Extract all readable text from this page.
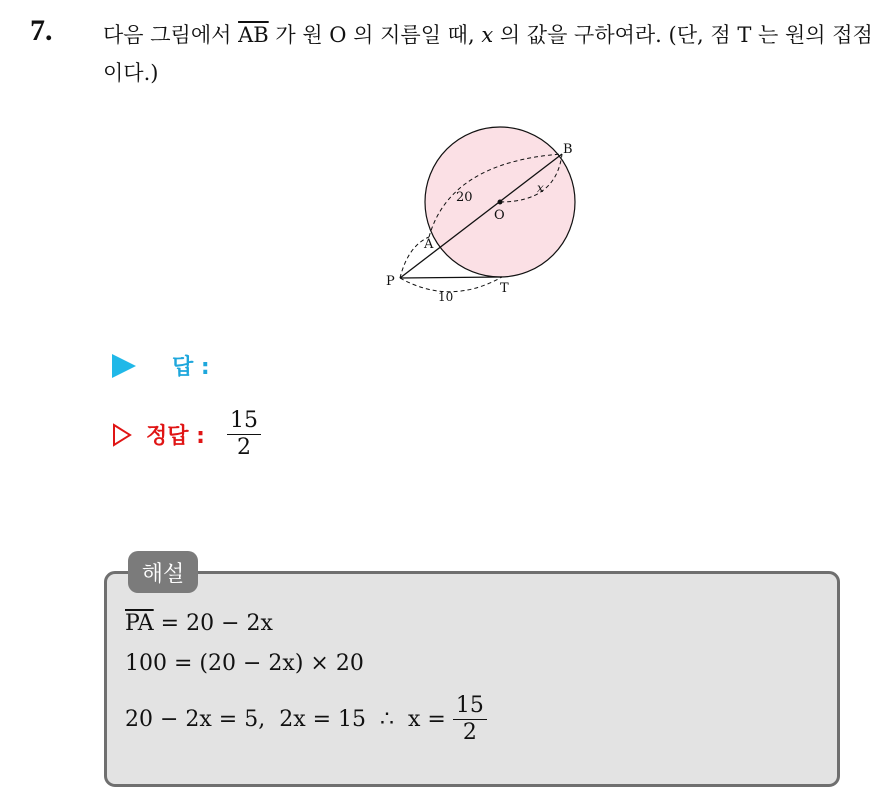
7. 다음 그림에서 $\overline{AB}$ 가 원 O 의 지름일 때, x 의 값을 구하여라. (단, 점 T 는 원의 접점이다.)
B
O
A
P	T
20
10
x
답 :
정답 : $\frac{15}{2}$
해설
$\overline{PA} = 20 - 2x$
100 = (20 − 2x) × 20
20 − 2x = 5,  2x = 15  ∴  $x = \frac{15}{2}$
